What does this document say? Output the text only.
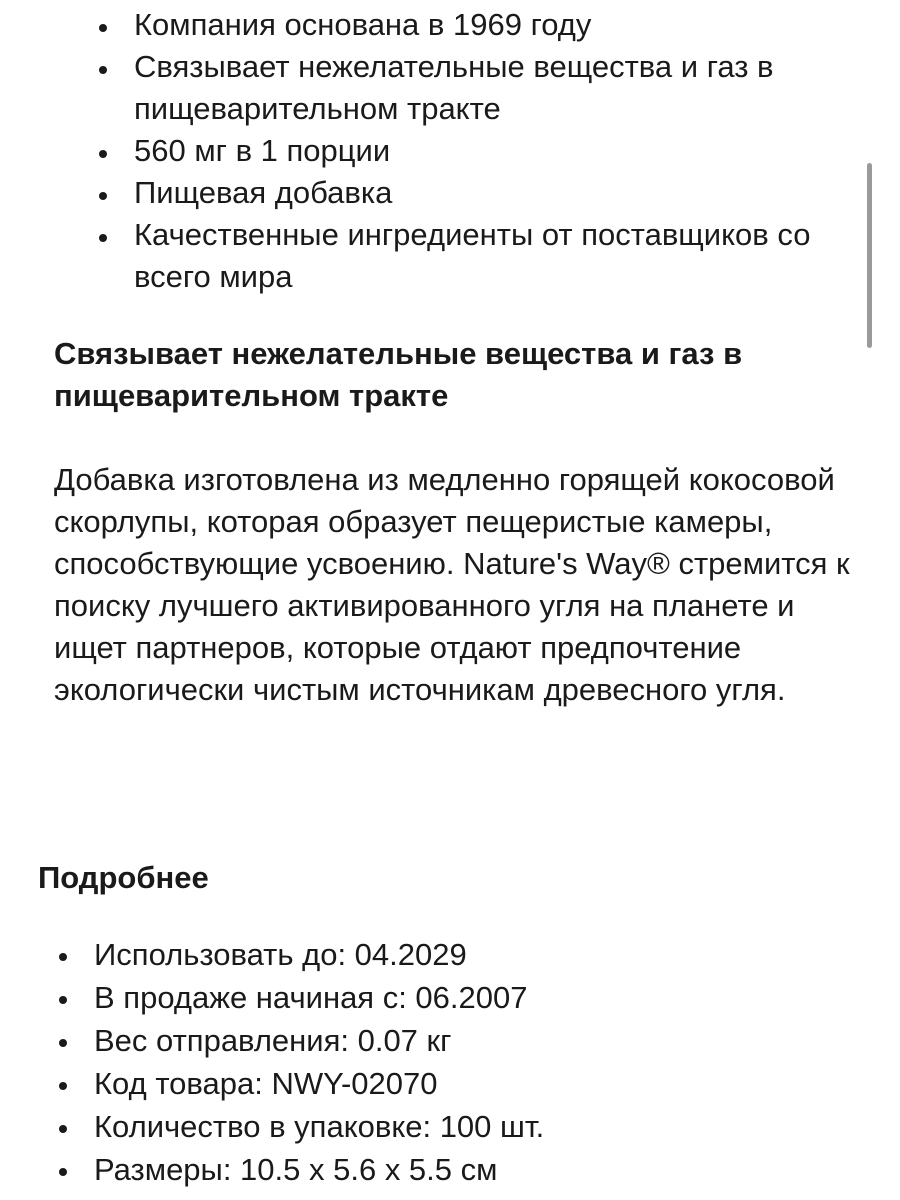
Компания основана в 1969 году
Связывает нежелательные вещества и газ в пищеварительном тракте
560 мг в 1 порции
Пищевая добавка
Качественные ингредиенты от поставщиков со всего мира
Связывает нежелательные вещества и газ в пищеварительном тракте

Добавка изготовлена из медленно горящей кокосовой скорлупы, которая образует пещеристые камеры, способствующие усвоению. Nature's Way® стремится к поиску лучшего активированного угля на планете и ищет партнеров, которые отдают предпочтение экологически чистым источникам древесного угля.

Подробнее
Использовать до: 04.2029
В продаже начиная с: 06.2007
Вес отправления: 0.07 кг
Код товара: NWY-02070
Количество в упаковке: 100 шт.
Размеры: 10.5 x 5.6 x 5.5 см
